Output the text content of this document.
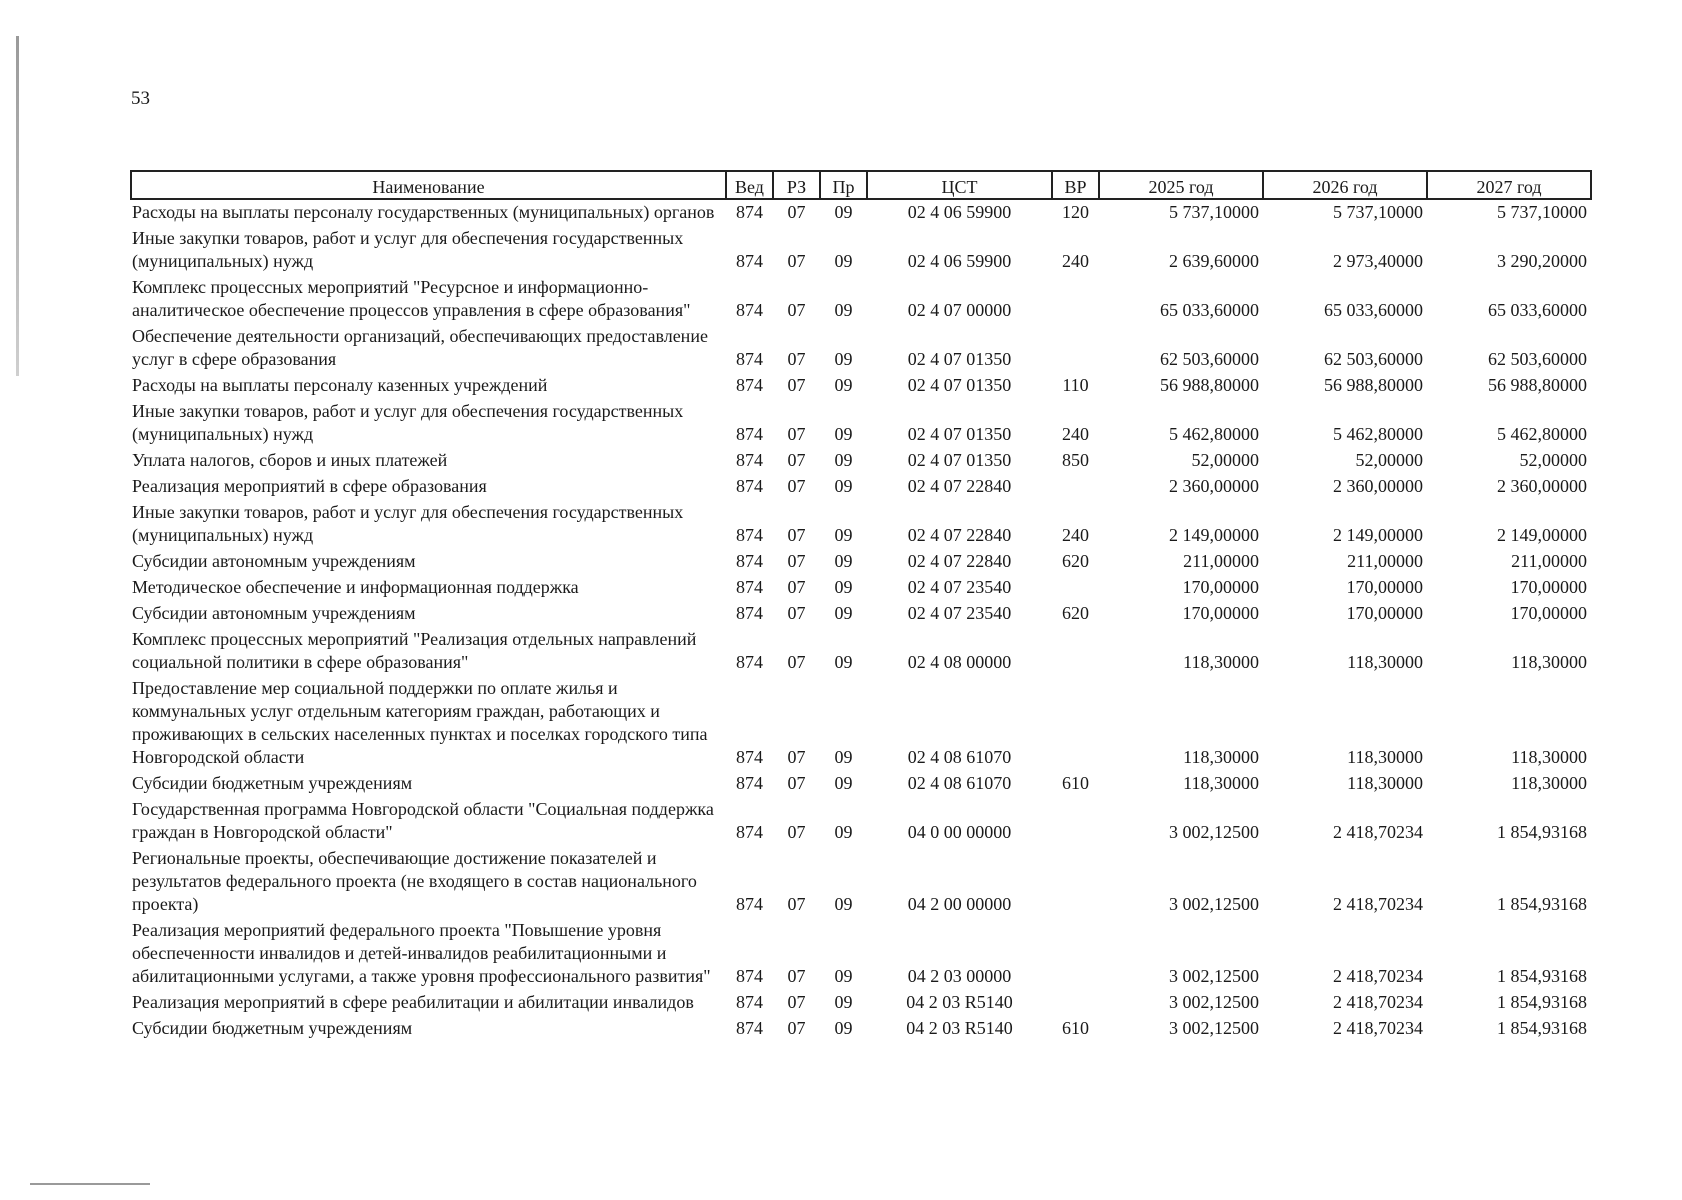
53
Наименование	Вед	РЗ	Пр	ЦСТ	ВР	2025 год	2026 год	2027 год
Расходы на выплаты персоналу государственных (муниципальных) органов	874	07	09	02 4 06 59900	120	5 737,10000	5 737,10000	5 737,10000
Иные закупки товаров, работ и услуг для обеспечения государственных (муниципальных) нужд	874	07	09	02 4 06 59900	240	2 639,60000	2 973,40000	3 290,20000
Комплекс процессных мероприятий "Ресурсное и информационно-аналитическое обеспечение процессов управления в сфере образования"	874	07	09	02 4 07 00000		65 033,60000	65 033,60000	65 033,60000
Обеспечение деятельности организаций, обеспечивающих предоставление услуг в сфере образования	874	07	09	02 4 07 01350		62 503,60000	62 503,60000	62 503,60000
Расходы на выплаты персоналу казенных учреждений	874	07	09	02 4 07 01350	110	56 988,80000	56 988,80000	56 988,80000
Иные закупки товаров, работ и услуг для обеспечения государственных (муниципальных) нужд	874	07	09	02 4 07 01350	240	5 462,80000	5 462,80000	5 462,80000
Уплата налогов, сборов и иных платежей	874	07	09	02 4 07 01350	850	52,00000	52,00000	52,00000
Реализация мероприятий в сфере образования	874	07	09	02 4 07 22840		2 360,00000	2 360,00000	2 360,00000
Иные закупки товаров, работ и услуг для обеспечения государственных (муниципальных) нужд	874	07	09	02 4 07 22840	240	2 149,00000	2 149,00000	2 149,00000
Субсидии автономным учреждениям	874	07	09	02 4 07 22840	620	211,00000	211,00000	211,00000
Методическое обеспечение и информационная поддержка	874	07	09	02 4 07 23540		170,00000	170,00000	170,00000
Субсидии автономным учреждениям	874	07	09	02 4 07 23540	620	170,00000	170,00000	170,00000
Комплекс процессных мероприятий "Реализация отдельных направлений социальной политики в сфере образования"	874	07	09	02 4 08 00000		118,30000	118,30000	118,30000
Предоставление мер социальной поддержки по оплате жилья и коммунальных услуг отдельным категориям граждан, работающих и проживающих в сельских населенных пунктах и поселках городского типа Новгородской области	874	07	09	02 4 08 61070		118,30000	118,30000	118,30000
Субсидии бюджетным учреждениям	874	07	09	02 4 08 61070	610	118,30000	118,30000	118,30000
Государственная программа Новгородской области "Социальная поддержка граждан в Новгородской области"	874	07	09	04 0 00 00000		3 002,12500	2 418,70234	1 854,93168
Региональные проекты, обеспечивающие достижение показателей и результатов федерального проекта (не входящего в состав национального проекта)	874	07	09	04 2 00 00000		3 002,12500	2 418,70234	1 854,93168
Реализация мероприятий федерального проекта "Повышение уровня обеспеченности инвалидов и детей-инвалидов реабилитационными и абилитационными услугами, а также уровня профессионального развития"	874	07	09	04 2 03 00000		3 002,12500	2 418,70234	1 854,93168
Реализация мероприятий в сфере реабилитации и абилитации инвалидов	874	07	09	04 2 03 R5140		3 002,12500	2 418,70234	1 854,93168
Субсидии бюджетным учреждениям	874	07	09	04 2 03 R5140	610	3 002,12500	2 418,70234	1 854,93168
